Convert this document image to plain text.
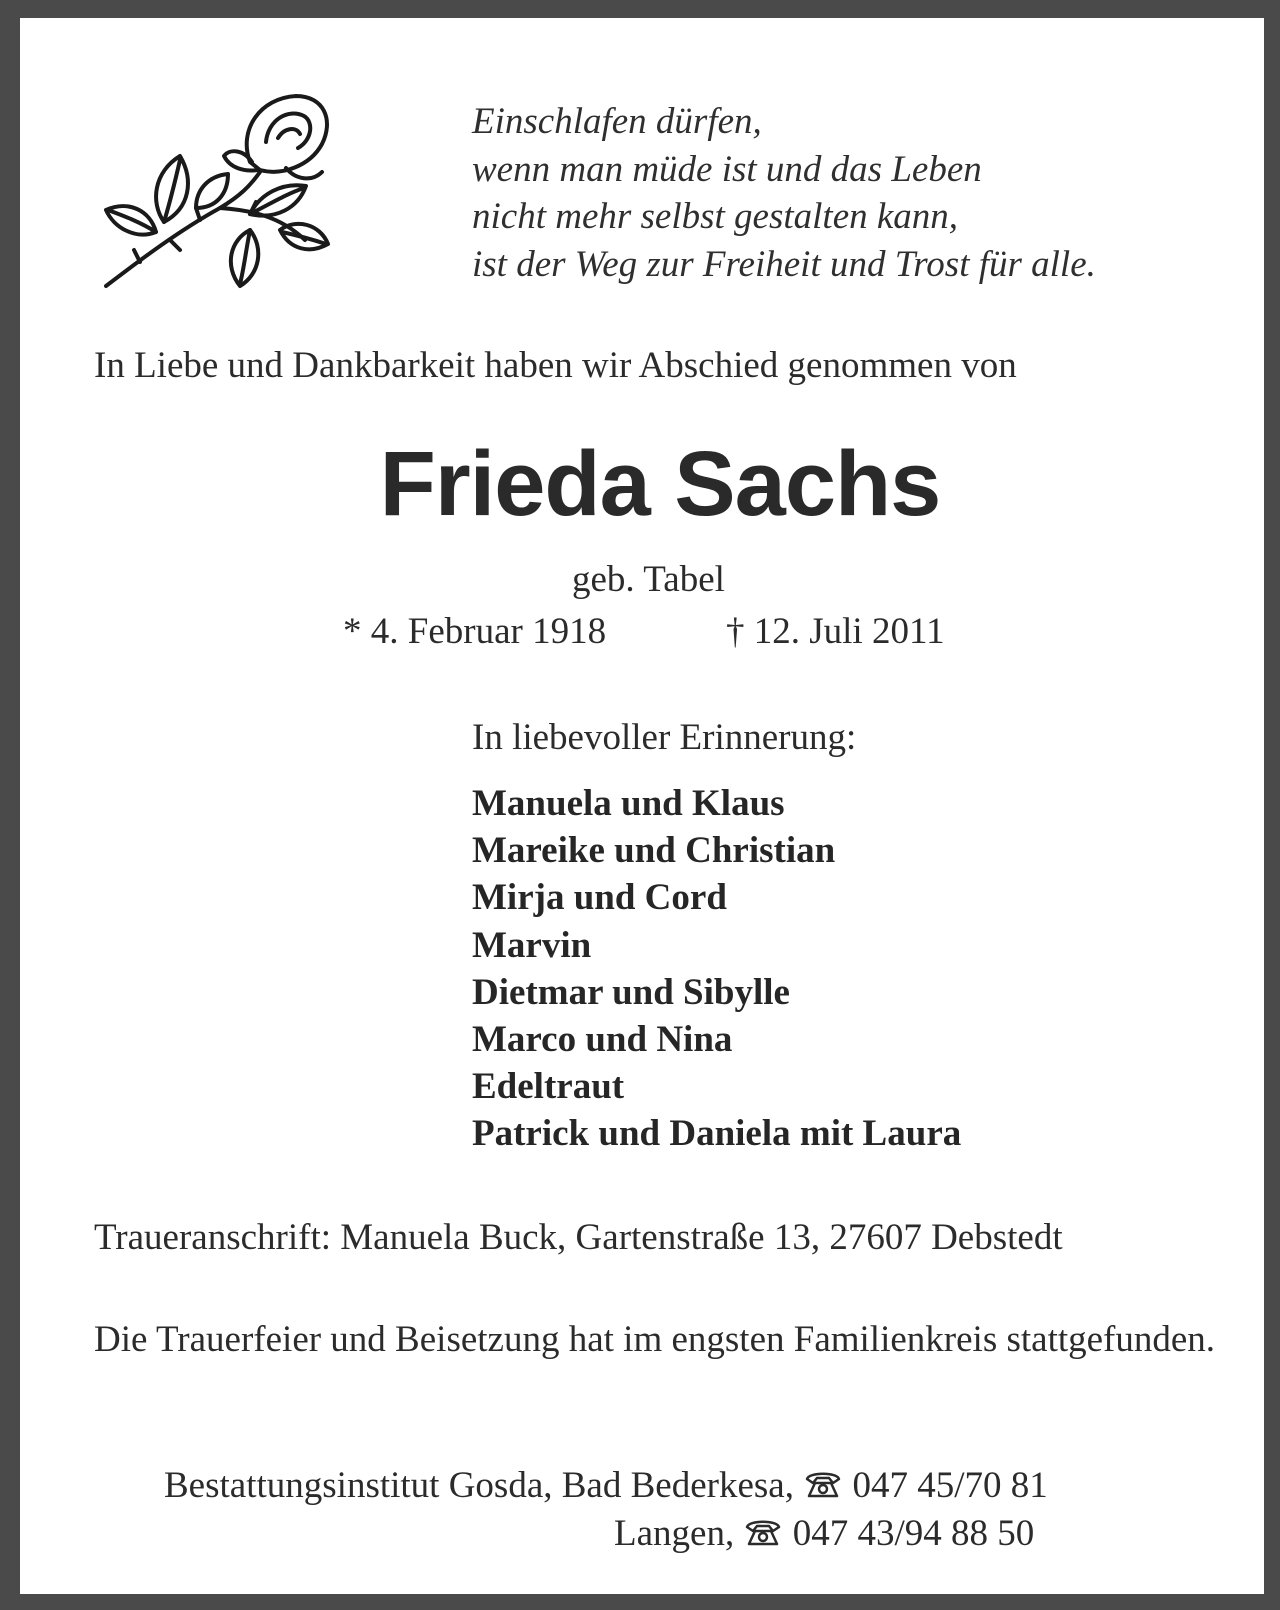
Einschlafen dürfen,
wenn man müde ist und das Leben
nicht mehr selbst gestalten kann,
ist der Weg zur Freiheit und Trost für alle.
In Liebe und Dankbarkeit haben wir Abschied genommen von
Frieda Sachs
geb. Tabel
* 4. Februar 1918	† 12. Juli 2011
In liebevoller Erinnerung:
Manuela und Klaus
Mareike und Christian
Mirja und Cord
Marvin
Dietmar und Sibylle
Marco und Nina
Edeltraut
Patrick und Daniela mit Laura
Traueranschrift: Manuela Buck, Gartenstraße 13, 27607 Debstedt
Die Trauerfeier und Beisetzung hat im engsten Familienkreis stattgefunden.
Bestattungsinstitut Gosda, Bad Bederkesa, 047 45/70 81
Langen, 047 43/94 88 50
